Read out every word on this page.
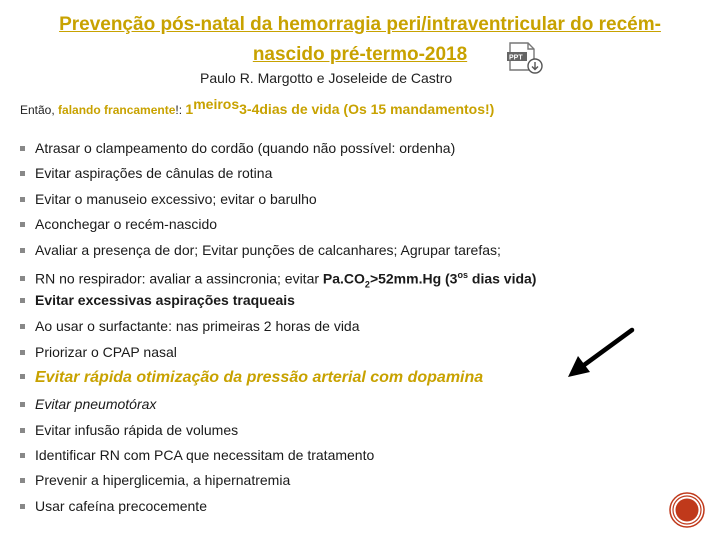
Prevenção pós-natal da hemorragia peri/intraventricular do recém-
nascido pré-termo-2018	PPT
Paulo R. Margotto e Joseleide de Castro
Então, falando francamente!: $1^{meiros}3-4dias$ de vida (Os 15 mandamentos!)
Atrasar o clampeamento do cordão (quando não possível: ordenha)
Evitar aspirações de cânulas de rotina
Evitar o manuseio excessivo; evitar o barulho
Aconchegar o recém-nascido
Avaliar a presença de dor; Evitar punções de calcanhares; Agrupar tarefas;
RN no respirador: avaliar a assincronia; evitar $Pa.CO_2>52mm.Hg$ ($3^{os}$ dias vida)
Evitar excessivas aspirações traqueais
Ao usar o surfactante: nas primeiras 2 horas de vida
Priorizar o CPAP nasal
Evitar rápida otimização da pressão arterial com dopamina
Evitar pneumotórax
Evitar infusão rápida de volumes
Identificar RN com PCA que necessitam de tratamento
Prevenir a hiperglicemia, a hipernatremia
Usar cafeína precocemente
